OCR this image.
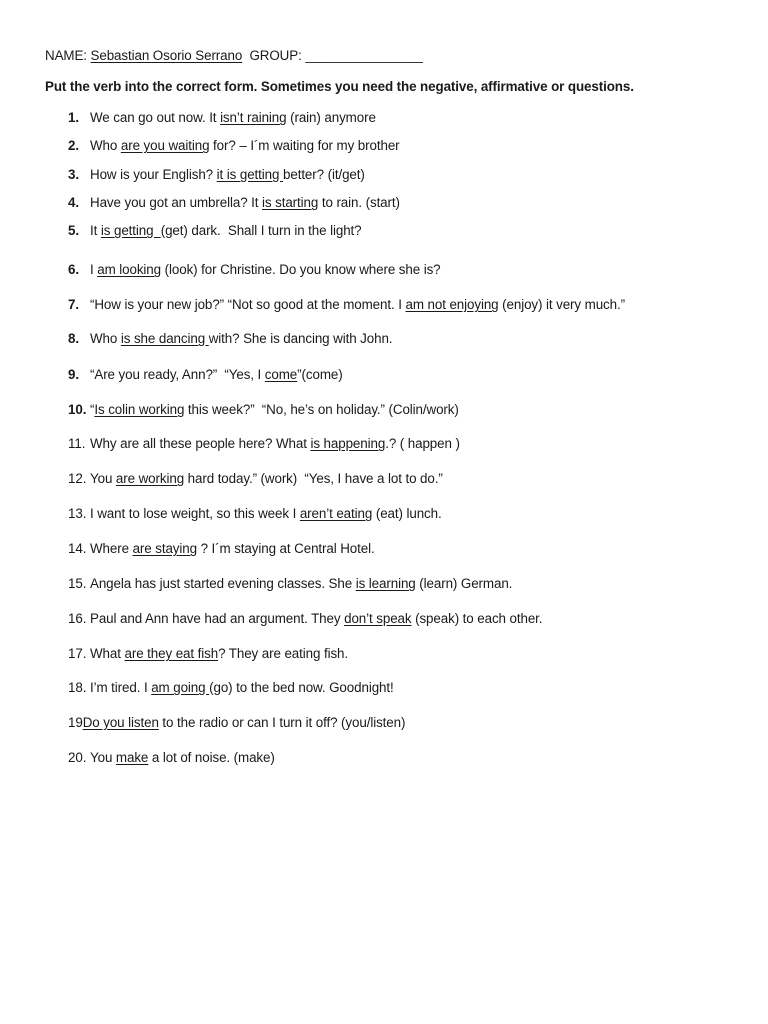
NAME: Sebastian Osorio Serrano  GROUP: ________________
Put the verb into the correct form. Sometimes you need the negative, affirmative or questions.
1. We can go out now. It isn’t raining (rain) anymore
2. Who are you waiting for? – I´m waiting for my brother
3. How is your English? it is getting better? (it/get)
4. Have you got an umbrella? It is starting to rain. (start)
5. It is getting  (get) dark.  Shall I turn in the light?
6. I am looking (look) for Christine. Do you know where she is?
7. “How is your new job?” “Not so good at the moment. I am not enjoying (enjoy) it very much.”
8. Who is she dancing with? She is dancing with John.
9. “Are you ready, Ann?”  “Yes, I come”(come)
10. “Is colin working this week?”  “No, he’s on holiday.” (Colin/work)
11. Why are all these people here? What is happening.? ( happen )
12. You are working hard today.” (work)  “Yes, I have a lot to do.”
13. I want to lose weight, so this week I aren’t eating (eat) lunch.
14. Where are staying ? I´m staying at Central Hotel.
15. Angela has just started evening classes. She is learning (learn) German.
16. Paul and Ann have had an argument. They don’t speak (speak) to each other.
17. What are they eat fish? They are eating fish.
18. I’m tired. I am going (go) to the bed now. Goodnight!
19Do you listen to the radio or can I turn it off? (you/listen)
20. You make a lot of noise. (make)
